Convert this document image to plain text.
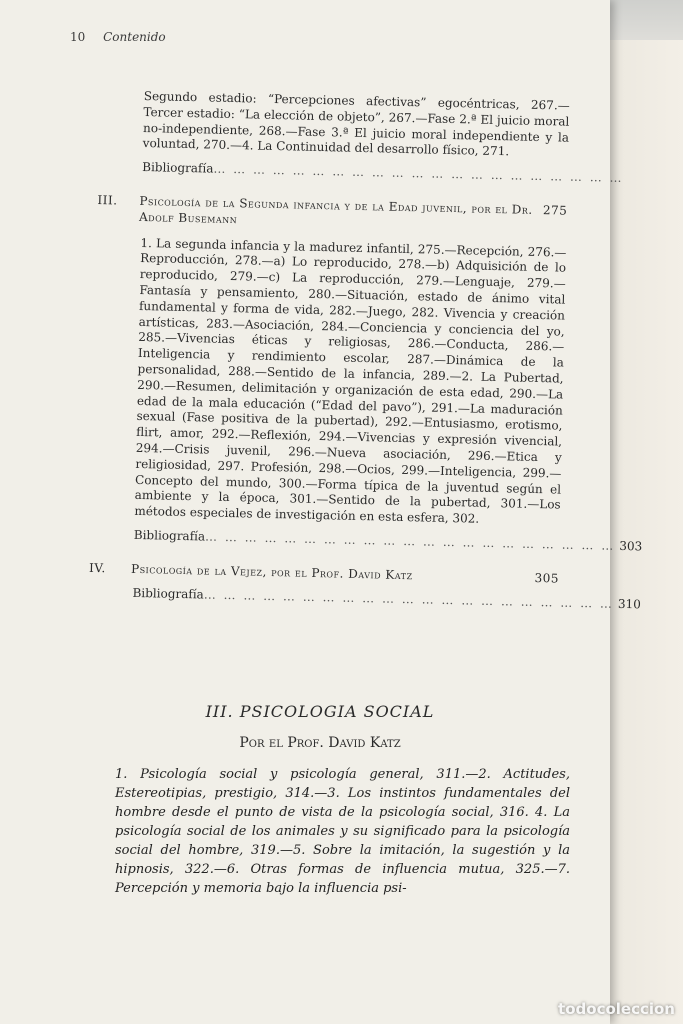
10 Contenido
Segundo estadio: “Percepciones afectivas” egocéntricas, 267.— Tercer estadio: “La elección de objeto”, 267.—Fase 2.ª El juicio moral no-independiente, 268.—Fase 3.ª El juicio moral independiente y la voluntad, 270.—4. La Continuidad del desarrollo físico, 271.
Bibliografía … … … … … … … … … … … … … … … … … … … … …
III.	Psicología de la Segunda infancia y de la Edad juvenil, por el Dr. Adolf Busemann	275
1. La segunda infancia y la madurez infantil, 275.—Recepción, 276.—Reproducción, 278.—a) Lo reproducido, 278.—b) Adquisición de lo reproducido, 279.—c) La reproducción, 279.—Lenguaje, 279.—Fantasía y pensamiento, 280.—Situación, estado de ánimo vital fundamental y forma de vida, 282.—Juego, 282. Vivencia y creación artísticas, 283.—Asociación, 284.—Conciencia y conciencia del yo, 285.—Vivencias éticas y religiosas, 286.—Conducta, 286.—Inteligencia y rendimiento escolar, 287.—Dinámica de la personalidad, 288.—Sentido de la infancia, 289.—2. La Pubertad, 290.—Resumen, delimitación y organización de esta edad, 290.—La edad de la mala educación (“Edad del pavo”), 291.—La maduración sexual (Fase positiva de la pubertad), 292.—Entusiasmo, erotismo, flirt, amor, 292.—Reflexión, 294.—Vivencias y expresión vivencial, 294.—Crisis juvenil, 296.—Nueva asociación, 296.—Etica y religiosidad, 297. Profesión, 298.—Ocios, 299.—Inteligencia, 299.—Concepto del mundo, 300.—Forma típica de la juventud según el ambiente y la época, 301.—Sentido de la pubertad, 301.—Los métodos especiales de investigación en esta esfera, 302.
Bibliografía … … … … … … … … … … … … … … … … … … … … … 303
IV.	Psicología de la Vejez, por el Prof. David Katz	305
Bibliografía … … … … … … … … … … … … … … … … … … … … … 310
III. PSICOLOGIA SOCIAL
Por el Prof. David Katz
1. Psicología social y psicología general, 311.—2. Actitudes, Estereotipias, prestigio, 314.—3. Los instintos fundamentales del hombre desde el punto de vista de la psicología social, 316. 4. La psicología social de los animales y su significado para la psicología social del hombre, 319.—5. Sobre la imitación, la sugestión y la hipnosis, 322.—6. Otras formas de influencia mutua, 325.—7. Percepción y memoria bajo la influencia psi-
todocoleccion
